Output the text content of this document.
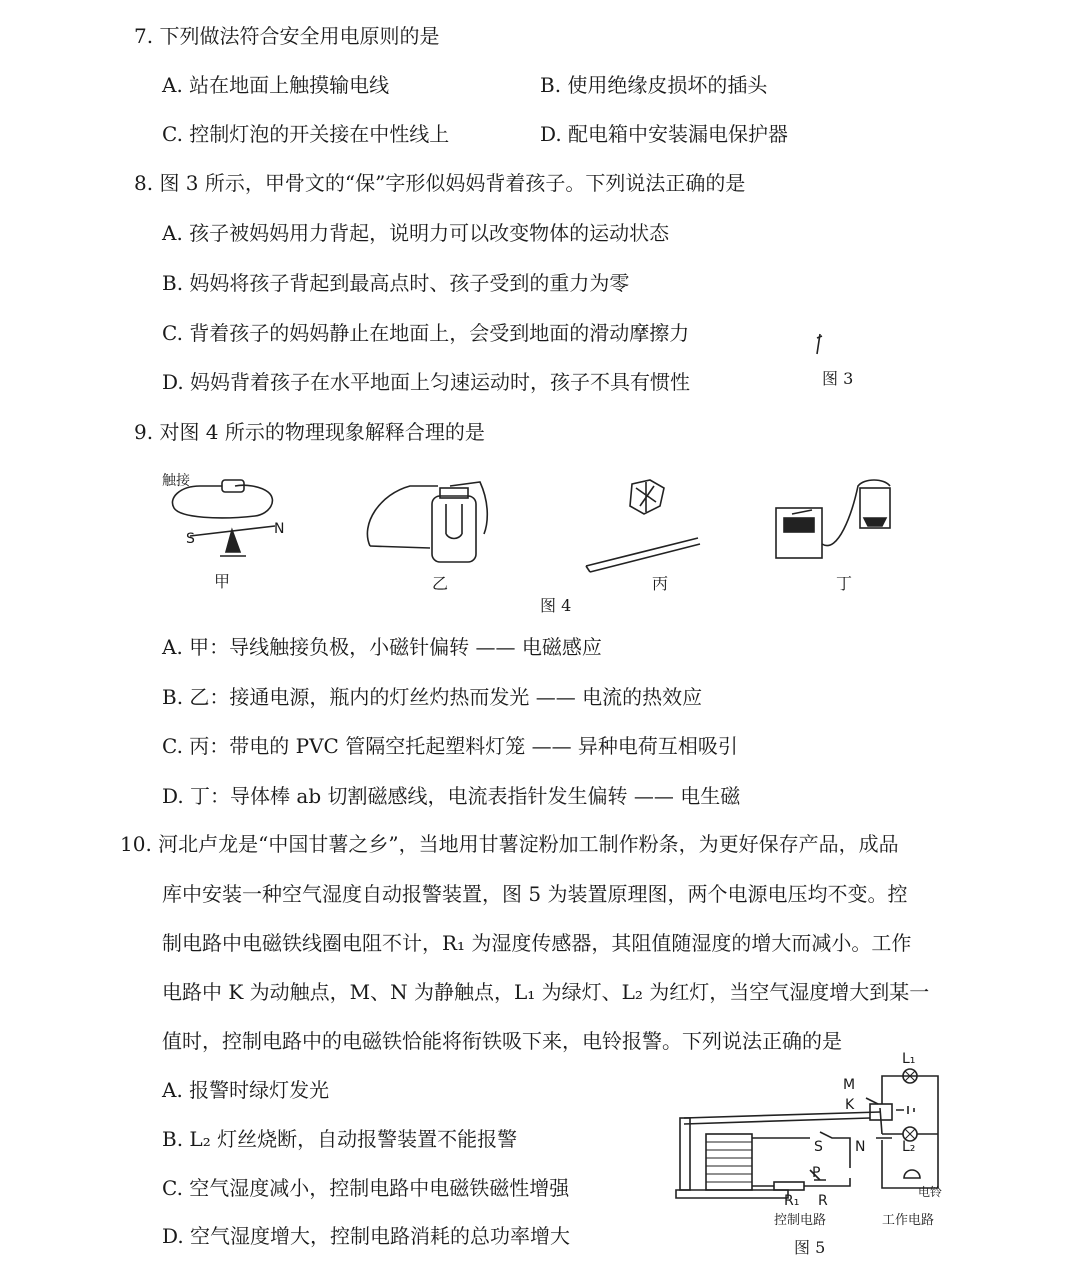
7. 下列做法符合安全用电原则的是
A. 站在地面上触摸输电线	B. 使用绝缘皮损坏的插头
C. 控制灯泡的开关接在中性线上	D. 配电箱中安装漏电保护器
8. 图 3 所示，甲骨文的“保”字形似妈妈背着孩子。下列说法正确的是
A. 孩子被妈妈用力背起，说明力可以改变物体的运动状态
B. 妈妈将孩子背起到最高点时、孩子受到的重力为零
C. 背着孩子的妈妈静止在地面上，会受到地面的滑动摩擦力
D. 妈妈背着孩子在水平地面上匀速运动时，孩子不具有惯性	图 3
9. 对图 4 所示的物理现象解释合理的是
触接
S
N
甲	乙	丙	丁
图 4
A. 甲：导线触接负极，小磁针偏转 —— 电磁感应
B. 乙：接通电源，瓶内的灯丝灼热而发光 —— 电流的热效应
C. 丙：带电的 PVC 管隔空托起塑料灯笼 —— 异种电荷互相吸引
D. 丁：导体棒 ab 切割磁感线，电流表指针发生偏转 —— 电生磁
10. 河北卢龙是“中国甘薯之乡”，当地用甘薯淀粉加工制作粉条，为更好保存产品，成品
库中安装一种空气湿度自动报警装置，图 5 为装置原理图，两个电源电压均不变。控
制电路中电磁铁线圈电阻不计，R₁ 为湿度传感器，其阻值随湿度的增大而减小。工作
电路中 K 为动触点，M、N 为静触点，L₁ 为绿灯、L₂ 为红灯，当空气湿度增大到某一
值时，控制电路中的电磁铁恰能将衔铁吸下来，电铃报警。下列说法正确的是
A. 报警时绿灯发光
B. L₂ 灯丝烧断，自动报警装置不能报警
C. 空气湿度减小，控制电路中电磁铁磁性增强
D. 空气湿度增大，控制电路消耗的总功率增大
M
K
N
S
P
R₁ R
L₁
L₂
电铃
控制电路	工作电路
图 5
